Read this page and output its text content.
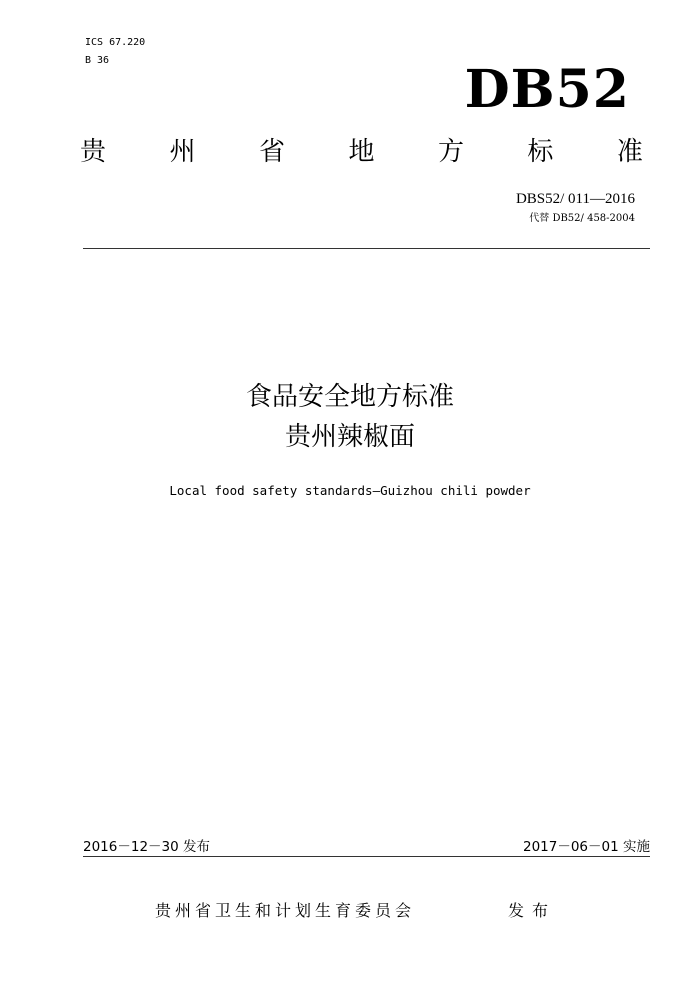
ICS 67.220
B 36	DB52
贵 州 省 地 方 标 准
DBS52/ 011—2016
代替 DB52/ 458-2004
食品安全地方标准
贵州辣椒面
Local food safety standards—Guizhou chili powder
2016－12－30 发布	2017－06－01 实施
贵州省卫生和计划生育委员会	发布
